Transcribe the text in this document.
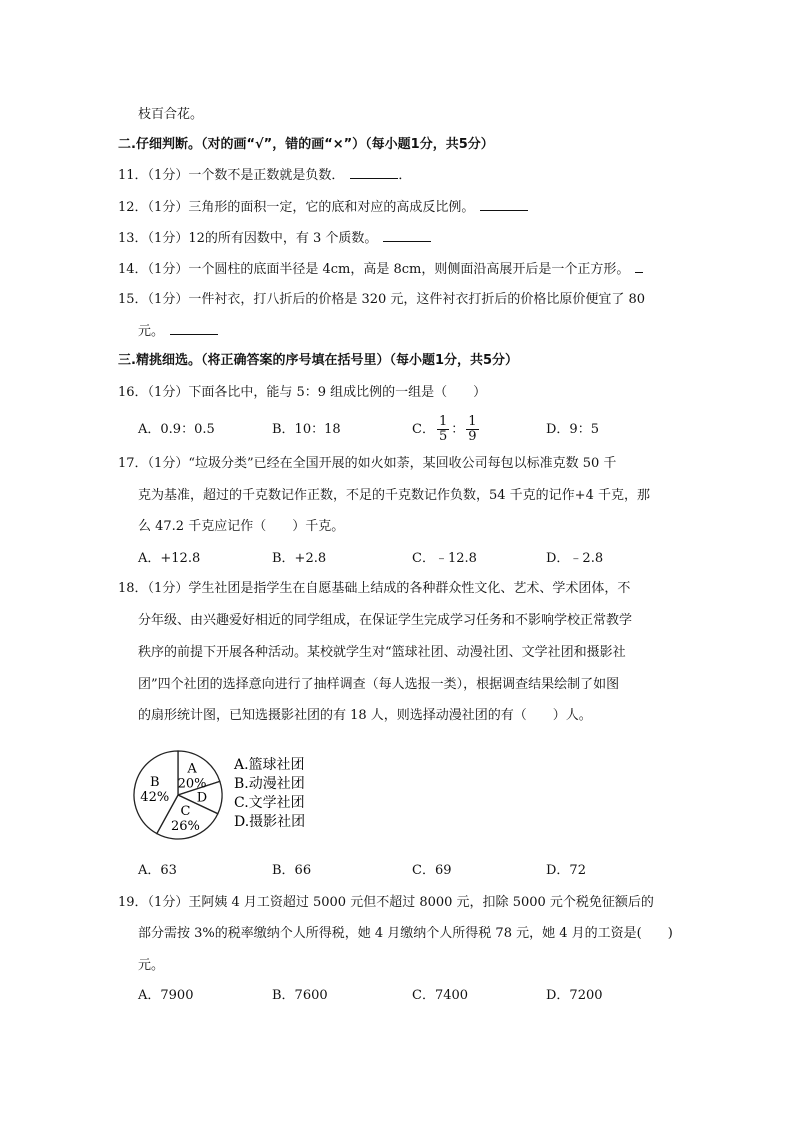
枝百合花。
二.仔细判断。（对的画“√”，错的画“×”）（每小题1分，共5分）
11．（1分）一个数不是正数就是负数．	．
12．（1分）三角形的面积一定，它的底和对应的高成反比例。
13．（1分）12的所有因数中，有 3 个质数。
14．（1分）一个圆柱的底面半径是 4cm，高是 8cm，则侧面沿高展开后是一个正方形。
15．（1分）一件衬衣，打八折后的价格是 320 元，这件衬衣打折后的价格比原价便宜了 80
元。
三.精挑细选。（将正确答案的序号填在括号里）（每小题1分，共5分）
16．（1分）下面各比中，能与 5：9 组成比例的一组是（　　）
A．0.9：0.5	B．10：18	C． $\frac{1}{5}$ ： $\frac{1}{9}$	D．9：5
17．（1分）“垃圾分类”已经在全国开展的如火如荼，某回收公司每包以标准克数 50 千
克为基准，超过的千克数记作正数，不足的千克数记作负数，54 千克的记作+4 千克，那
么 47.2 千克应记作（　　）千克。
A．+12.8	B．+2.8	C．﹣12.8	D．﹣2.8
18．（1分）学生社团是指学生在自愿基础上结成的各种群众性文化、艺术、学术团体，不
分年级、由兴趣爱好相近的同学组成，在保证学生完成学习任务和不影响学校正常教学
秩序的前提下开展各种活动。某校就学生对“篮球社团、动漫社团、文学社团和摄影社
团”四个社团的选择意向进行了抽样调查（每人选报一类），根据调查结果绘制了如图
的扇形统计图，已知选摄影社团的有 18 人，则选择动漫社团的有（　　）人。
A
20%
D
C
26%
B
42%
A.篮球社团
B.动漫社团
C.文学社团
D.摄影社团
A．63	B．66	C．69	D．72
19．（1分）王阿姨 4 月工资超过 5000 元但不超过 8000 元，扣除 5000 元个税免征额后的
部分需按 3%的税率缴纳个人所得税，她 4 月缴纳个人所得税 78 元，她 4 月的工资是(　　)
元。
A．7900	B．7600	C．7400	D．7200
